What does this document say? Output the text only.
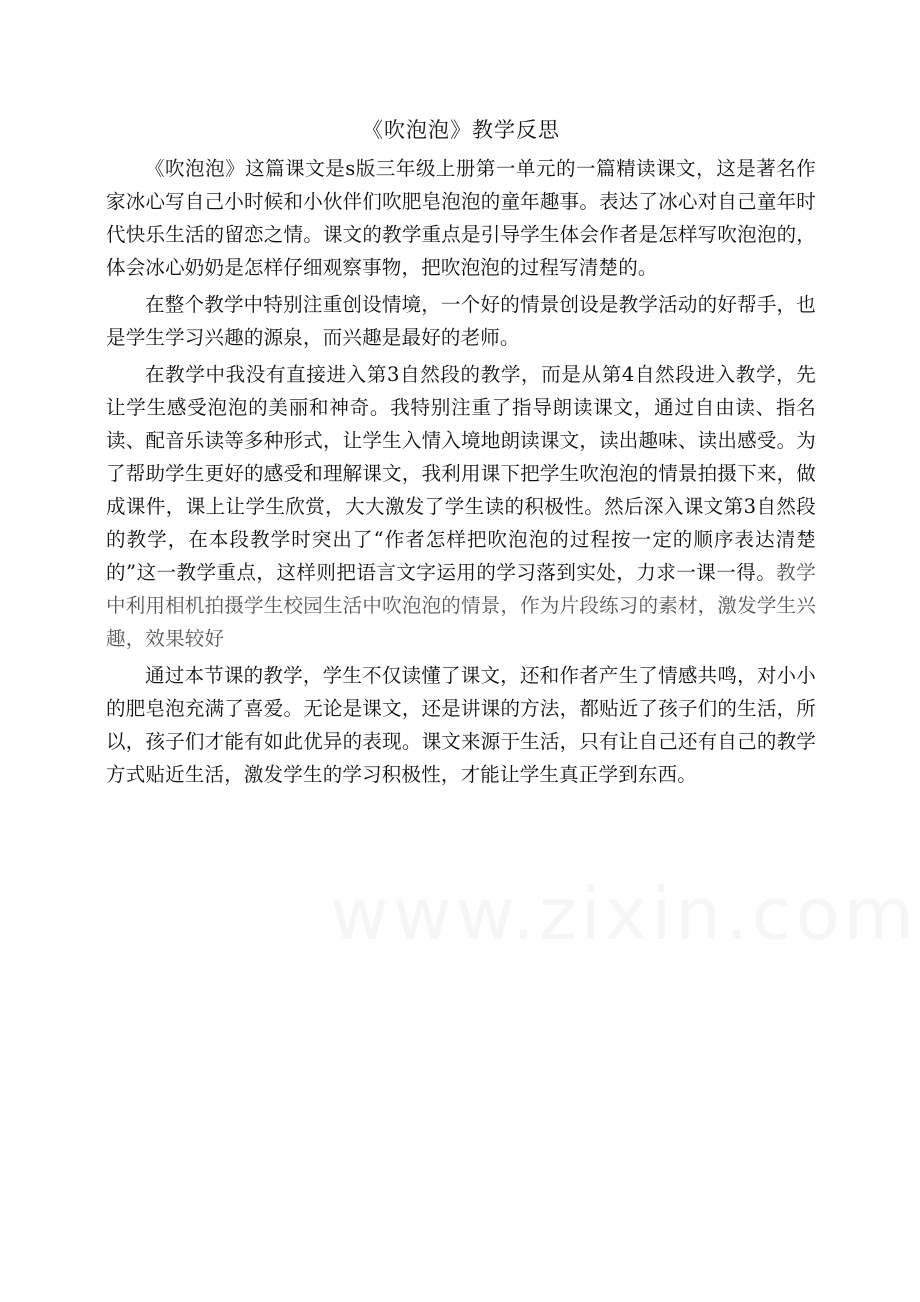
《吹泡泡》教学反思

《吹泡泡》这篇课文是s版三年级上册第一单元的一篇精读课文，这是著名作家冰心写自己小时候和小伙伴们吹肥皂泡泡的童年趣事。表达了冰心对自己童年时代快乐生活的留恋之情。课文的教学重点是引导学生体会作者是怎样写吹泡泡的，体会冰心奶奶是怎样仔细观察事物，把吹泡泡的过程写清楚的。

在整个教学中特别注重创设情境，一个好的情景创设是教学活动的好帮手，也是学生学习兴趣的源泉，而兴趣是最好的老师。

在教学中我没有直接进入第3自然段的教学，而是从第4自然段进入教学，先让学生感受泡泡的美丽和神奇。我特别注重了指导朗读课文，通过自由读、指名读、配音乐读等多种形式，让学生入情入境地朗读课文，读出趣味、读出感受。为了帮助学生更好的感受和理解课文，我利用课下把学生吹泡泡的情景拍摄下来，做成课件，课上让学生欣赏，大大激发了学生读的积极性。然后深入课文第3自然段的教学，在本段教学时突出了“作者怎样把吹泡泡的过程按一定的顺序表达清楚的”这一教学重点，这样则把语言文字运用的学习落到实处，力求一课一得。教学中利用相机拍摄学生校园生活中吹泡泡的情景，作为片段练习的素材，激发学生兴趣，效果较好

通过本节课的教学，学生不仅读懂了课文，还和作者产生了情感共鸣，对小小的肥皂泡充满了喜爱。无论是课文，还是讲课的方法，都贴近了孩子们的生活，所以，孩子们才能有如此优异的表现。课文来源于生活，只有让自己还有自己的教学方式贴近生活，激发学生的学习积极性，才能让学生真正学到东西。
